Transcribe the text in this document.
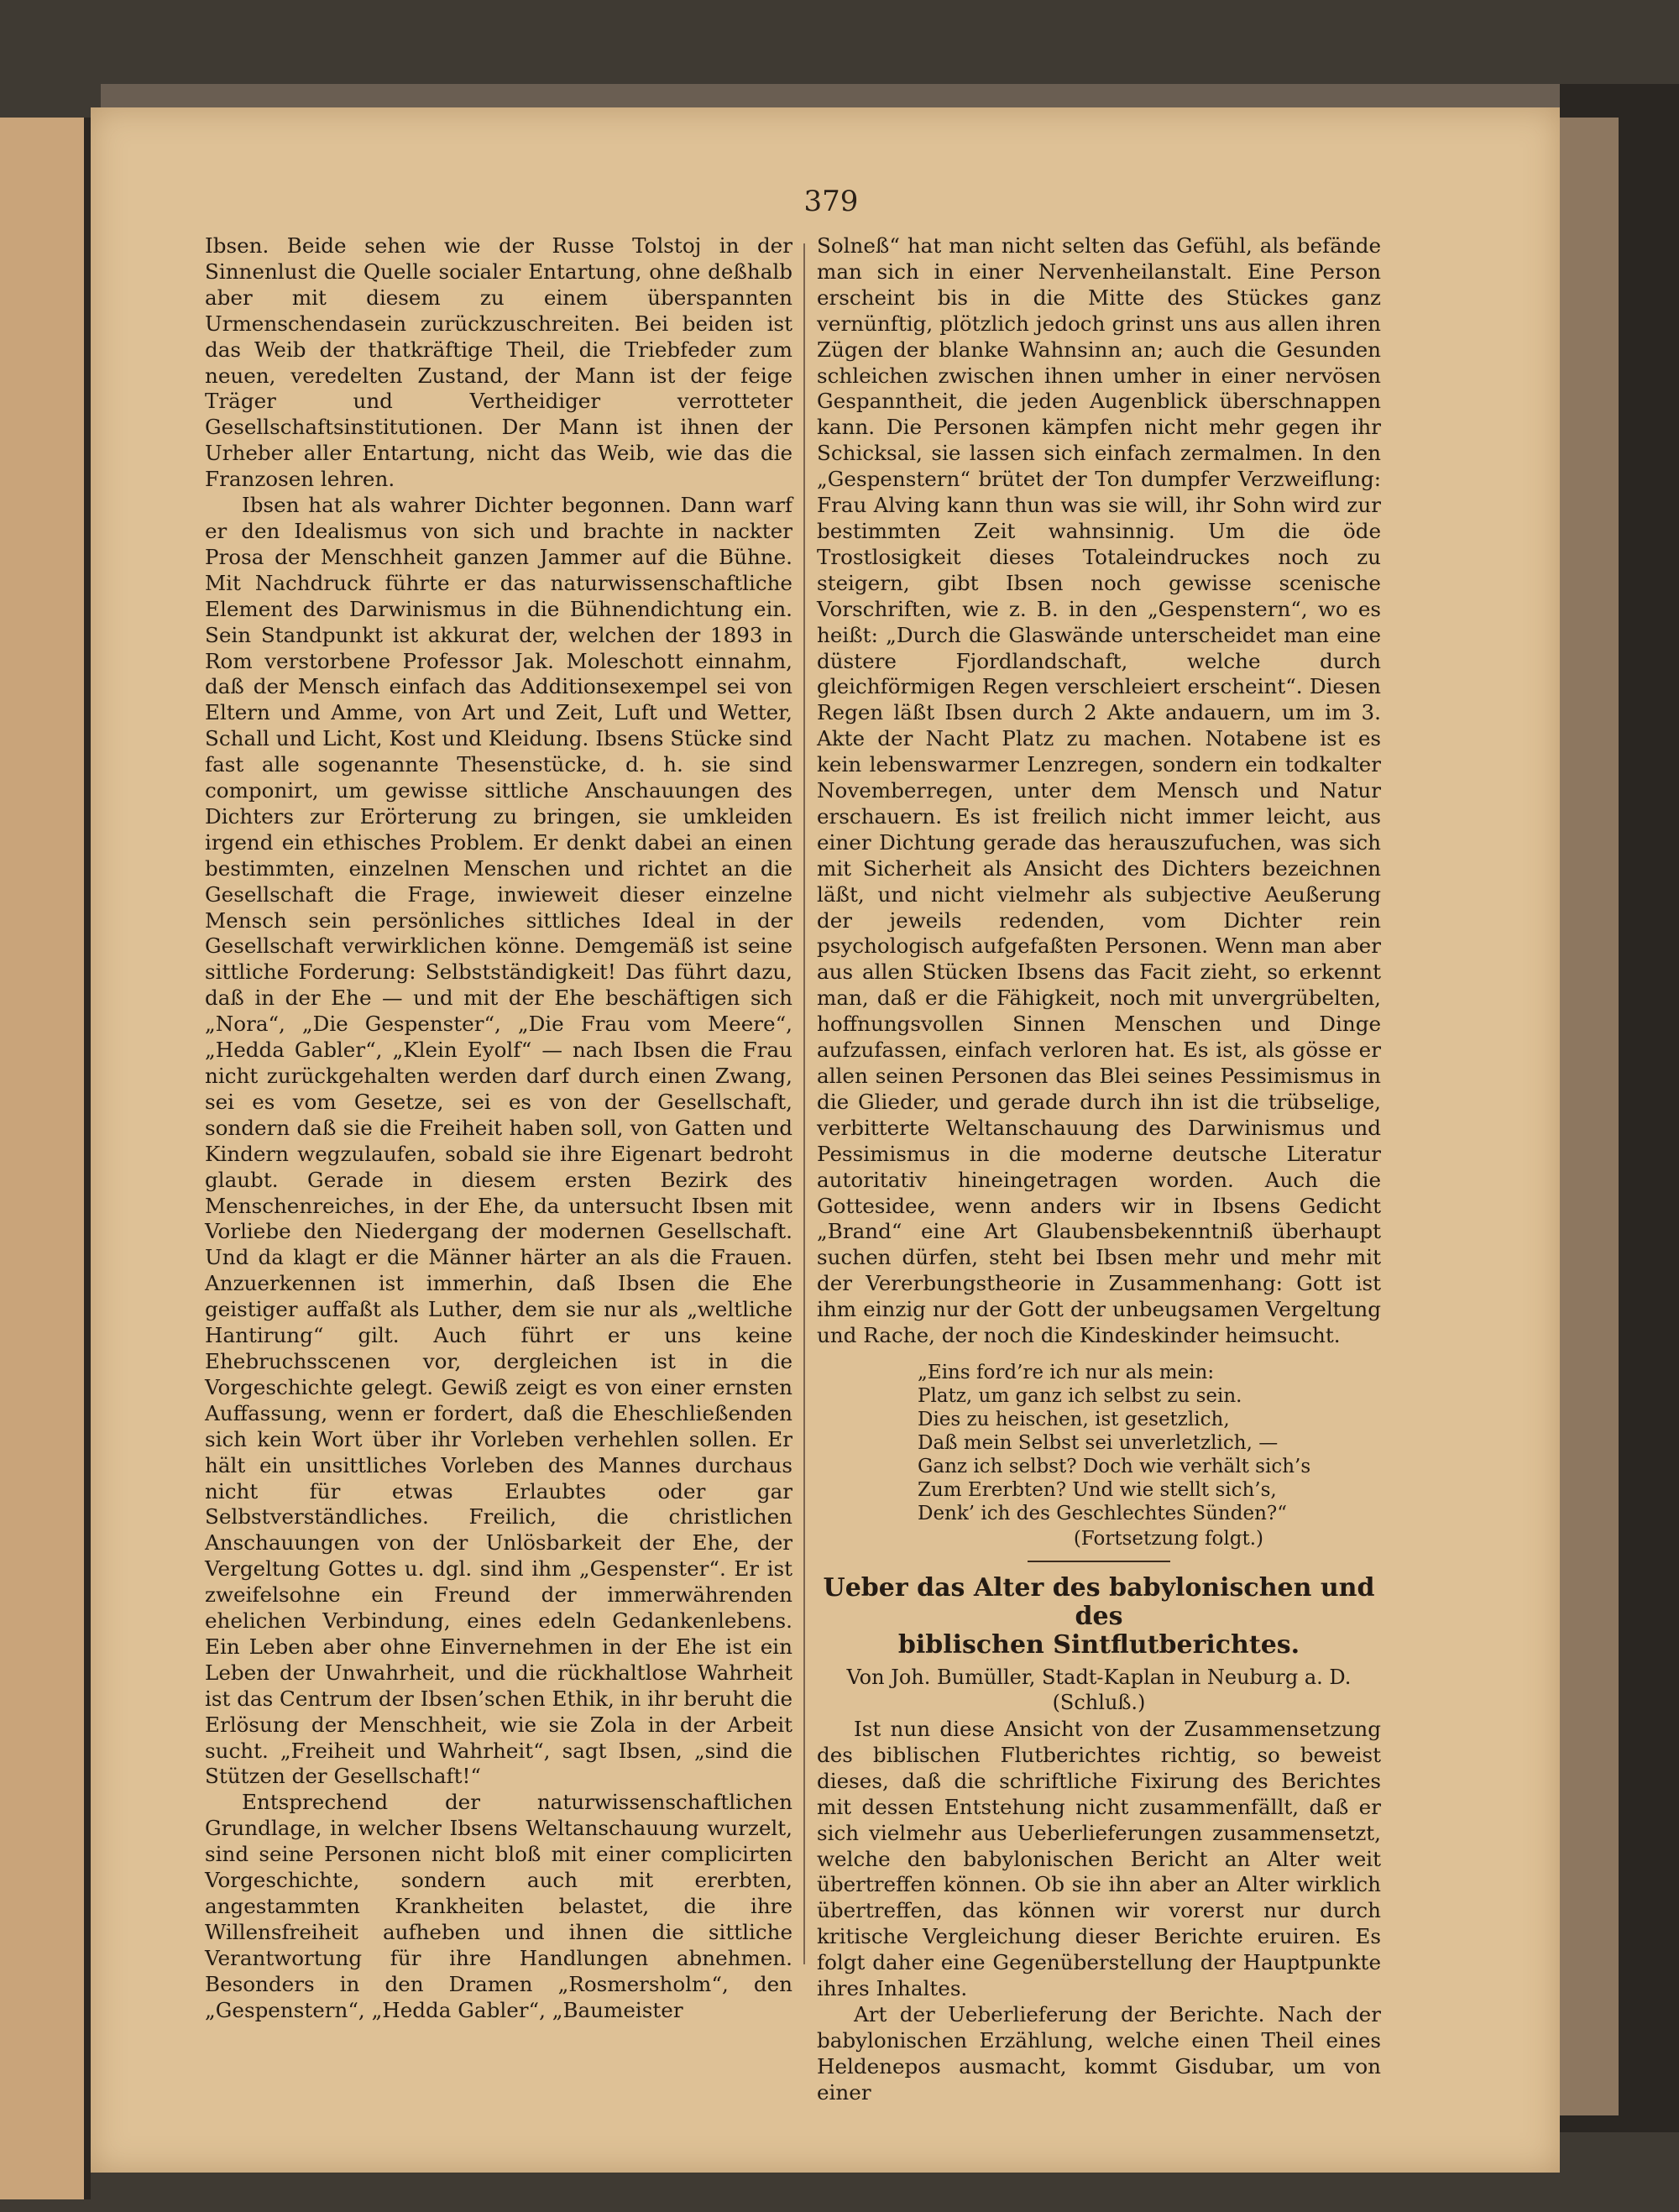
379

Ibsen. Beide sehen wie der Russe Tolstoj in der Sinnenlust die Quelle socialer Entartung, ohne deßhalb aber mit diesem zu einem überspannten Urmenschendasein zurückzuschreiten. Bei beiden ist das Weib der thatkräftige Theil, die Triebfeder zum neuen, veredelten Zustand, der Mann ist der feige Träger und Vertheidiger verrotteter Gesellschaftsinstitutionen. Der Mann ist ihnen der Urheber aller Entartung, nicht das Weib, wie das die Franzosen lehren.

Ibsen hat als wahrer Dichter begonnen. Dann warf er den Idealismus von sich und brachte in nackter Prosa der Menschheit ganzen Jammer auf die Bühne. Mit Nachdruck führte er das naturwissenschaftliche Element des Darwinismus in die Bühnendichtung ein. Sein Standpunkt ist akkurat der, welchen der 1893 in Rom verstorbene Professor Jak. Moleschott einnahm, daß der Mensch einfach das Additionsexempel sei von Eltern und Amme, von Art und Zeit, Luft und Wetter, Schall und Licht, Kost und Kleidung. Ibsens Stücke sind fast alle sogenannte Thesenstücke, d. h. sie sind componirt, um gewisse sittliche Anschauungen des Dichters zur Erörterung zu bringen, sie umkleiden irgend ein ethisches Problem. Er denkt dabei an einen bestimmten, einzelnen Menschen und richtet an die Gesellschaft die Frage, inwieweit dieser einzelne Mensch sein persönliches sittliches Ideal in der Gesellschaft verwirklichen könne. Demgemäß ist seine sittliche Forderung: Selbstständigkeit! Das führt dazu, daß in der Ehe — und mit der Ehe beschäftigen sich „Nora“, „Die Gespenster“, „Die Frau vom Meere“, „Hedda Gabler“, „Klein Eyolf“ — nach Ibsen die Frau nicht zurückgehalten werden darf durch einen Zwang, sei es vom Gesetze, sei es von der Gesellschaft, sondern daß sie die Freiheit haben soll, von Gatten und Kindern wegzulaufen, sobald sie ihre Eigenart bedroht glaubt. Gerade in diesem ersten Bezirk des Menschenreiches, in der Ehe, da untersucht Ibsen mit Vorliebe den Niedergang der modernen Gesellschaft. Und da klagt er die Männer härter an als die Frauen. Anzuerkennen ist immerhin, daß Ibsen die Ehe geistiger auffaßt als Luther, dem sie nur als „weltliche Hantirung“ gilt. Auch führt er uns keine Ehebruchsscenen vor, dergleichen ist in die Vorgeschichte gelegt. Gewiß zeigt es von einer ernsten Auffassung, wenn er fordert, daß die Eheschließenden sich kein Wort über ihr Vorleben verhehlen sollen. Er hält ein unsittliches Vorleben des Mannes durchaus nicht für etwas Erlaubtes oder gar Selbstverständliches. Freilich, die christlichen Anschauungen von der Unlösbarkeit der Ehe, der Vergeltung Gottes u. dgl. sind ihm „Gespenster“. Er ist zweifelsohne ein Freund der immerwährenden ehelichen Verbindung, eines edeln Gedankenlebens. Ein Leben aber ohne Einvernehmen in der Ehe ist ein Leben der Unwahrheit, und die rückhaltlose Wahrheit ist das Centrum der Ibsen’schen Ethik, in ihr beruht die Erlösung der Menschheit, wie sie Zola in der Arbeit sucht. „Freiheit und Wahrheit“, sagt Ibsen, „sind die Stützen der Gesellschaft!“

Entsprechend der naturwissenschaftlichen Grundlage, in welcher Ibsens Weltanschauung wurzelt, sind seine Personen nicht bloß mit einer complicirten Vorgeschichte, sondern auch mit ererbten, angestammten Krankheiten belastet, die ihre Willensfreiheit aufheben und ihnen die sittliche Verantwortung für ihre Handlungen abnehmen. Besonders in den Dramen „Rosmersholm“, den „Gespenstern“, „Hedda Gabler“, „Baumeister

Solneß“ hat man nicht selten das Gefühl, als befände man sich in einer Nervenheilanstalt. Eine Person erscheint bis in die Mitte des Stückes ganz vernünftig, plötzlich jedoch grinst uns aus allen ihren Zügen der blanke Wahnsinn an; auch die Gesunden schleichen zwischen ihnen umher in einer nervösen Gespanntheit, die jeden Augenblick überschnappen kann. Die Personen kämpfen nicht mehr gegen ihr Schicksal, sie lassen sich einfach zermalmen. In den „Gespenstern“ brütet der Ton dumpfer Verzweiflung: Frau Alving kann thun was sie will, ihr Sohn wird zur bestimmten Zeit wahnsinnig. Um die öde Trostlosigkeit dieses Totaleindruckes noch zu steigern, gibt Ibsen noch gewisse scenische Vorschriften, wie z. B. in den „Gespenstern“, wo es heißt: „Durch die Glaswände unterscheidet man eine düstere Fjordlandschaft, welche durch gleichförmigen Regen verschleiert erscheint“. Diesen Regen läßt Ibsen durch 2 Akte andauern, um im 3. Akte der Nacht Platz zu machen. Notabene ist es kein lebenswarmer Lenzregen, sondern ein todkalter Novemberregen, unter dem Mensch und Natur erschauern. Es ist freilich nicht immer leicht, aus einer Dichtung gerade das herauszufuchen, was sich mit Sicherheit als Ansicht des Dichters bezeichnen läßt, und nicht vielmehr als subjective Aeußerung der jeweils redenden, vom Dichter rein psychologisch aufgefaßten Personen. Wenn man aber aus allen Stücken Ibsens das Facit zieht, so erkennt man, daß er die Fähigkeit, noch mit unvergrübelten, hoffnungsvollen Sinnen Menschen und Dinge aufzufassen, einfach verloren hat. Es ist, als gösse er allen seinen Personen das Blei seines Pessimismus in die Glieder, und gerade durch ihn ist die trübselige, verbitterte Weltanschauung des Darwinismus und Pessimismus in die moderne deutsche Literatur autoritativ hineingetragen worden. Auch die Gottesidee, wenn anders wir in Ibsens Gedicht „Brand“ eine Art Glaubensbekenntniß überhaupt suchen dürfen, steht bei Ibsen mehr und mehr mit der Vererbungstheorie in Zusammenhang: Gott ist ihm einzig nur der Gott der unbeugsamen Vergeltung und Rache, der noch die Kindeskinder heimsucht.

„Eins ford’re ich nur als mein:
Platz, um ganz ich selbst zu sein.
Dies zu heischen, ist gesetzlich,
Daß mein Selbst sei unverletzlich, —
Ganz ich selbst? Doch wie verhält sich’s
Zum Ererbten? Und wie stellt sich’s,
Denk’ ich des Geschlechtes Sünden?“
(Fortsetzung folgt.)
Ueber das Alter des babylonischen und des
biblischen Sintflutberichtes.
Von Joh. Bumüller, Stadt-Kaplan in Neuburg a. D.
(Schluß.)

Ist nun diese Ansicht von der Zusammensetzung des biblischen Flutberichtes richtig, so beweist dieses, daß die schriftliche Fixirung des Berichtes mit dessen Entstehung nicht zusammenfällt, daß er sich vielmehr aus Ueberlieferungen zusammensetzt, welche den babylonischen Bericht an Alter weit übertreffen können. Ob sie ihn aber an Alter wirklich übertreffen, das können wir vorerst nur durch kritische Vergleichung dieser Berichte eruiren. Es folgt daher eine Gegenüberstellung der Hauptpunkte ihres Inhaltes.

Art der Ueberlieferung der Berichte. Nach der babylonischen Erzählung, welche einen Theil eines Heldenepos ausmacht, kommt Gisdubar, um von einer
